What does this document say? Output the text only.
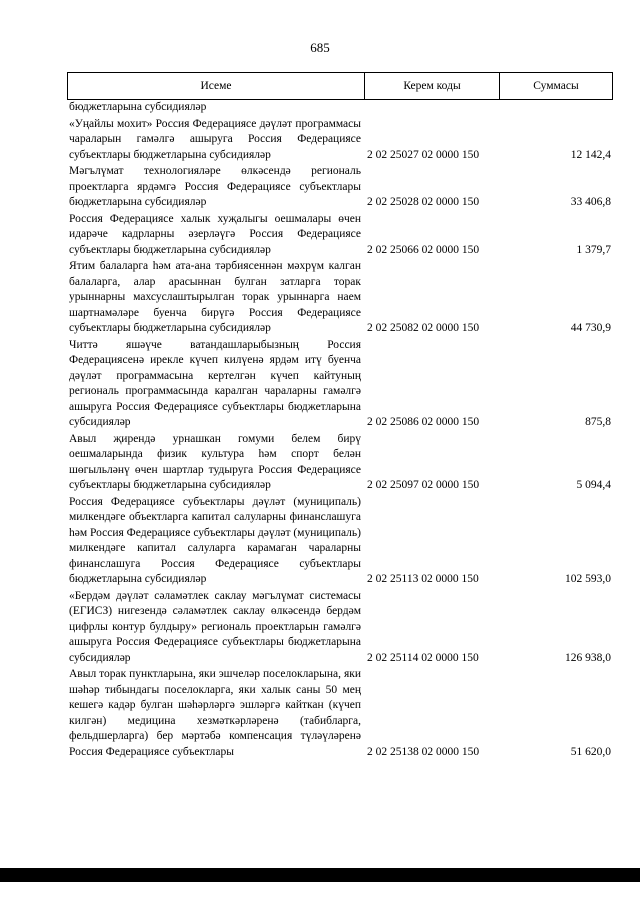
685
Исеме	Керем коды	Суммасы
бюджетларына субсидияләр
«Уңайлы мохит» Россия Федерациясе дәүләт программасы чараларын гамәлгә ашыруга Россия Федерациясе субъектлары бюджетларына субсидияләр	2 02 25027 02 0000 150	12 142,4
Мәгълүмат технологияләре өлкәсендә региональ проектларга ярдәмгә Россия Федерациясе субъектлары бюджетларына субсидияләр	2 02 25028 02 0000 150	33 406,8
Россия Федерациясе халык хуҗалыгы оешмалары өчен идарәче кадрларны әзерләүгә Россия Федерациясе субъектлары бюджетларына субсидияләр	2 02 25066 02 0000 150	1 379,7
Ятим балаларга һәм ата-ана тәрбиясеннән мәхрүм калган балаларга, алар арасыннан булган затларга торак урыннарны махсуслаштырылган торак урыннарга наем шартнамәләре буенча бирүгә Россия Федерациясе субъектлары бюджетларына субсидияләр	2 02 25082 02 0000 150	44 730,9
Читтә яшәүче ватандашларыбызның Россия Федерациясенә ирекле күчеп килүенә ярдәм итү буенча дәүләт программасына кертелгән күчеп кайтуның региональ программасында каралган чараларны гамәлгә ашыруга Россия Федерациясе субъектлары бюджетларына субсидияләр	2 02 25086 02 0000 150	875,8
Авыл җирендә урнашкан гомуми белем бирү оешмаларында физик культура һәм спорт белән шөгыльләнү өчен шартлар тудыруга Россия Федерациясе субъектлары бюджетларына субсидияләр	2 02 25097 02 0000 150	5 094,4
Россия Федерациясе субъектлары дәүләт (муниципаль) милкендәге объектларга капитал салуларны финанслашуга һәм Россия Федерациясе субъектлары дәүләт (муниципаль) милкендәге капитал салуларга карамаган чараларны финанслашуга Россия Федерациясе субъектлары бюджетларына субсидияләр	2 02 25113 02 0000 150	102 593,0
«Бердәм дәүләт сәламәтлек саклау мәгълүмат системасы (ЕГИСЗ) нигезендә сәламәтлек саклау өлкәсендә бердәм цифрлы контур булдыру» региональ проектларын гамәлгә ашыруга Россия Федерациясе субъектлары бюджетларына субсидияләр	2 02 25114 02 0000 150	126 938,0
Авыл торак пунктларына, яки эшчеләр поселокларына, яки шәһәр тибындагы поселокларга, яки халык саны 50 мең кешегә кадәр булган шәһәрләргә эшләргә кайткан (күчеп килгән) медицина хезмәткәрләренә (табибларга, фельдшерларга) бер мәртәбә компенсация түләүләренә Россия Федерациясе субъектлары	2 02 25138 02 0000 150	51 620,0
